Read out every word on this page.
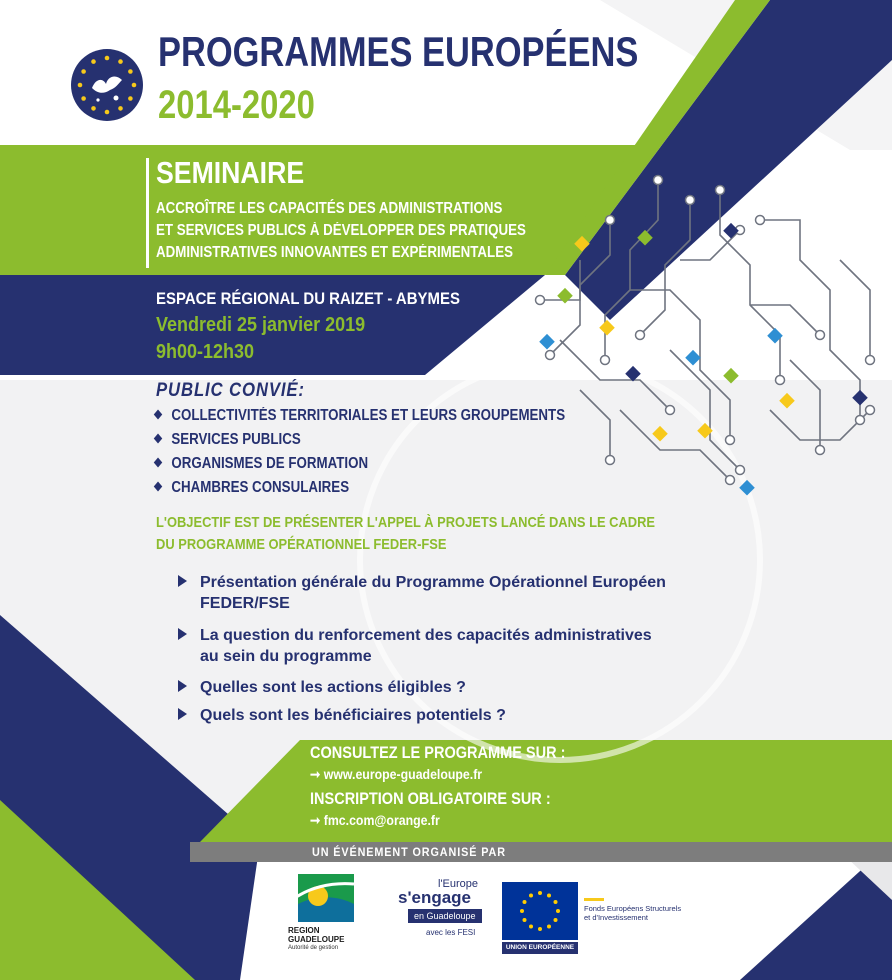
PROGRAMMES EUROPÉENS
2014-2020
SEMINAIRE
ACCROÎTRE LES CAPACITÉS DES ADMINISTRATIONS
ET SERVICES PUBLICS À DÉVELOPPER DES PRATIQUES
ADMINISTRATIVES INNOVANTES ET EXPÉRIMENTALES
ESPACE RÉGIONAL DU RAIZET - ABYMES
Vendredi 25 janvier 2019
9h00-12h30
PUBLIC CONVIÉ:
COLLECTIVITÉS TERRITORIALES ET LEURS GROUPEMENTS
SERVICES PUBLICS
ORGANISMES DE FORMATION
CHAMBRES CONSULAIRES
L'OBJECTIF EST DE PRÉSENTER L'APPEL À PROJETS LANCÉ DANS LE CADRE
DU PROGRAMME OPÉRATIONNEL FEDER-FSE
Présentation générale du Programme Opérationnel Européen
FEDER/FSE
La question du renforcement des capacités administratives
au sein du programme
Quelles sont les actions éligibles ?
Quels sont les bénéficiaires potentiels ?
CONSULTEZ LE PROGRAMME SUR :
➞ www.europe-guadeloupe.fr
INSCRIPTION OBLIGATOIRE SUR :
➞ fmc.com@orange.fr
UN ÉVÉNEMENT ORGANISÉ PAR
REGION
GUADELOUPE
Autorité de gestion
l'Europe
s'engage
en Guadeloupe
avec les FESI
UNION EUROPÉENNE
Fonds Européens Structurels
et d'Investissement
